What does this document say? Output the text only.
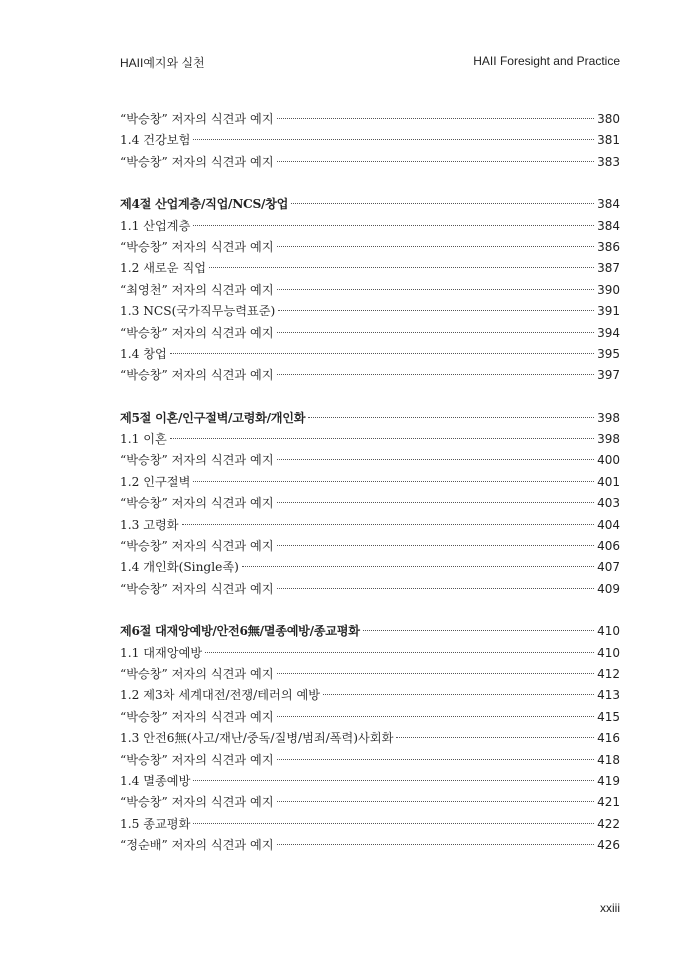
HAII예지와 실천	HAII Foresight and Practice
“박승창” 저자의 식견과 예지	380
1.4 건강보험	381
“박승창” 저자의 식견과 예지	383
제4절 산업계층/직업/NCS/창업	384
1.1 산업계층	384
“박승창” 저자의 식견과 예지	386
1.2 새로운 직업	387
“최영천” 저자의 식견과 예지	390
1.3 NCS(국가직무능력표준)	391
“박승창” 저자의 식견과 예지	394
1.4 창업	395
“박승창” 저자의 식견과 예지	397
제5절 이혼/인구절벽/고령화/개인화	398
1.1 이혼	398
“박승창” 저자의 식견과 예지	400
1.2 인구절벽	401
“박승창” 저자의 식견과 예지	403
1.3 고령화	404
“박승창” 저자의 식견과 예지	406
1.4 개인화(Single족)	407
“박승창” 저자의 식견과 예지	409
제6절 대재앙예방/안전6無/멸종예방/종교평화	410
1.1 대재앙예방	410
“박승창” 저자의 식견과 예지	412
1.2 제3차 세계대전/전쟁/테러의 예방	413
“박승창” 저자의 식견과 예지	415
1.3 안전6無(사고/재난/중독/질병/범죄/폭력)사회화	416
“박승창” 저자의 식견과 예지	418
1.4 멸종예방	419
“박승창” 저자의 식견과 예지	421
1.5 종교평화	422
“정순배” 저자의 식견과 예지	426
xxiii
